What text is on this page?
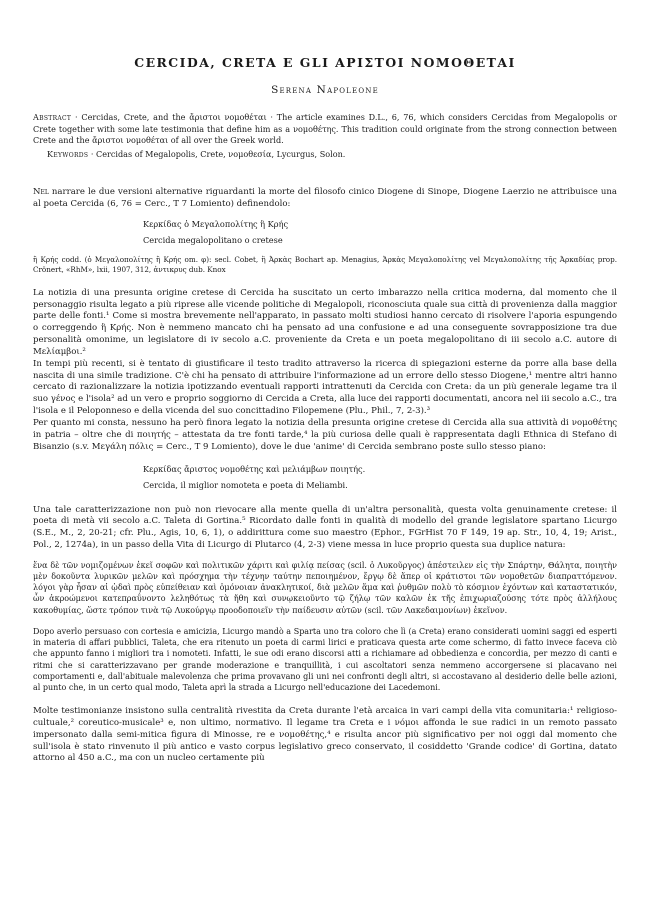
CERCIDA, CRETA E GLI ΑΡΙΣΤΟΙ ΝΟΜΟΘΕΤΑΙ
Serena Napoleone
Abstract · Cercidas, Crete, and the ἄριστοι νομοθέται · The article examines D.L., 6, 76, which considers Cercidas from Megalopolis or Crete together with some late testimonia that define him as a νομοθέτης. This tradition could originate from the strong connection between Crete and the ἄριστοι νομοθέται of all over the Greek world.
Keywords · Cercidas of Megalopolis, Crete, νομοθεσία, Lycurgus, Solon.

Nel narrare le due versioni alternative riguardanti la morte del filosofo cinico Diogene di Sinope, Diogene Laerzio ne attribuisce una al poeta Cercida (6, 76 = Cerc., T 7 Lomiento) definendolo:

Κερκίδας ὁ Μεγαλοπολίτης ἢ Κρής
Cercida megalopolitano o cretese
ἢ Κρής codd. (ὁ Μεγαλοπολίτης ἢ Κρής om. φ): secl. Cobet, ἢ Ἀρκὰς Bochart ap. Menagius, Ἀρκὰς Μεγαλοπολίτης vel Μεγαλοπολίτης τῆς Ἀρκαδίας prop. Crönert, «RhM», lxii, 1907, 312, ἀντικρυς dub. Knox

La notizia di una presunta origine cretese di Cercida ha suscitato un certo imbarazzo nella critica moderna, dal momento che il personaggio risulta legato a più riprese alle vicende politiche di Megalopoli, riconosciuta quale sua città di provenienza dalla maggior parte delle fonti.¹ Come si mostra brevemente nell'apparato, in passato molti studiosi hanno cercato di risolvere l'aporia espungendo o correggendo ἢ Κρής. Non è nemmeno mancato chi ha pensato ad una confusione e ad una conseguente sovrapposizione tra due personalità omonime, un legislatore di iv secolo a.C. proveniente da Creta e un poeta megalopolitano di iii secolo a.C. autore di Μελίαμβοι.²

In tempi più recenti, si è tentato di giustificare il testo tradito attraverso la ricerca di spiegazioni esterne da porre alla base della nascita di una simile tradizione. C'è chi ha pensato di attribuire l'informazione ad un errore dello stesso Diogene,¹ mentre altri hanno cercato di razionalizzare la notizia ipotizzando eventuali rapporti intrattenuti da Cercida con Creta: da un più generale legame tra il suo γένος e l'isola² ad un vero e proprio soggiorno di Cercida a Creta, alla luce dei rapporti documentati, ancora nel iii secolo a.C., tra l'isola e il Peloponneso e della vicenda del suo concittadino Filopemene (Plu., Phil., 7, 2-3).³

Per quanto mi consta, nessuno ha però finora legato la notizia della presunta origine cretese di Cercida alla sua attività di νομοθέτης in patria – oltre che di ποιητής – attestata da tre fonti tarde,⁴ la più curiosa delle quali è rappresentata dagli Ethnica di Stefano di Bisanzio (s.v. Μεγάλη πόλις = Cerc., T 9 Lomiento), dove le due 'anime' di Cercida sembrano poste sullo stesso piano:

Κερκίδας ἄριστος νομοθέτης καὶ μελιάμβων ποιητής.
Cercida, il miglior nomoteta e poeta di Meliambi.

Una tale caratterizzazione non può non rievocare alla mente quella di un'altra personalità, questa volta genuinamente cretese: il poeta di metà vii secolo a.C. Taleta di Gortina.⁵ Ricordato dalle fonti in qualità di modello del grande legislatore spartano Licurgo (S.E., M., 2, 20-21; cfr. Plu., Agis, 10, 6, 1), o addirittura come suo maestro (Ephor., FGrHist 70 F 149, 19 ap. Str., 10, 4, 19; Arist., Pol., 2, 1274a), in un passo della Vita di Licurgo di Plutarco (4, 2-3) viene messa in luce proprio questa sua duplice natura:

ἕνα δὲ τῶν νομιζομένων ἐκεῖ σοφῶν καὶ πολιτικῶν χάριτι καὶ φιλίᾳ πείσας (scil. ὁ Λυκοῦργος) ἀπέστειλεν εἰς τὴν Σπάρτην, Θάλητα, ποιητὴν μὲν δοκοῦντα λυρικῶν μελῶν καὶ πρόσχημα τὴν τέχνην ταύτην πεποιημένον, ἔργῳ δὲ ἅπερ οἱ κράτιστοι τῶν νομοθετῶν διαπραττόμενον. λόγοι γὰρ ἦσαν αἱ ᾠδαὶ πρὸς εὐπείθειαν καὶ ὁμόνοιαν ἀνακλητικοί, διὰ μελῶν ἅμα καὶ ῥυθμῶν πολὺ τὸ κόσμιον ἐχόντων καὶ καταστατικόν, ὧν ἀκροώμενοι κατεπραΰνοντο λεληθότως τὰ ἤθη καὶ συνῳκειοῦντο τῷ ζήλῳ τῶν καλῶν ἐκ τῆς ἐπιχωριαζούσης τότε πρὸς ἀλλήλους κακοθυμίας, ὥστε τρόπον τινὰ τῷ Λυκούργῳ προοδοποιεῖν τὴν παίδευσιν αὐτῶν (scil. τῶν Λακεδαιμονίων) ἐκεῖνον.
Dopo averlo persuaso con cortesia e amicizia, Licurgo mandò a Sparta uno tra coloro che lì (a Creta) erano considerati uomini saggi ed esperti in materia di affari pubblici, Taleta, che era ritenuto un poeta di carmi lirici e praticava questa arte come schermo, di fatto invece faceva ciò che appunto fanno i migliori tra i nomoteti. Infatti, le sue odi erano discorsi atti a richiamare ad obbedienza e concordia, per mezzo di canti e ritmi che si caratterizzavano per grande moderazione e tranquillità, i cui ascoltatori senza nemmeno accorgersene si placavano nei comportamenti e, dall'abituale malevolenza che prima provavano gli uni nei confronti degli altri, si accostavano al desiderio delle belle azioni, al punto che, in un certo qual modo, Taleta aprì la strada a Licurgo nell'educazione dei Lacedemoni.

Molte testimonianze insistono sulla centralità rivestita da Creta durante l'età arcaica in vari campi della vita comunitaria:¹ religioso-cultuale,² coreutico-musicale³ e, non ultimo, normativo. Il legame tra Creta e i νόμοι affonda le sue radici in un remoto passato impersonato dalla semi-mitica figura di Minosse, re e νομοθέτης,⁴ e risulta ancor più significativo per noi oggi dal momento che sull'isola è stato rinvenuto il più antico e vasto corpus legislativo greco conservato, il cosiddetto 'Grande codice' di Gortina, datato attorno al 450 a.C., ma con un nucleo certamente più
